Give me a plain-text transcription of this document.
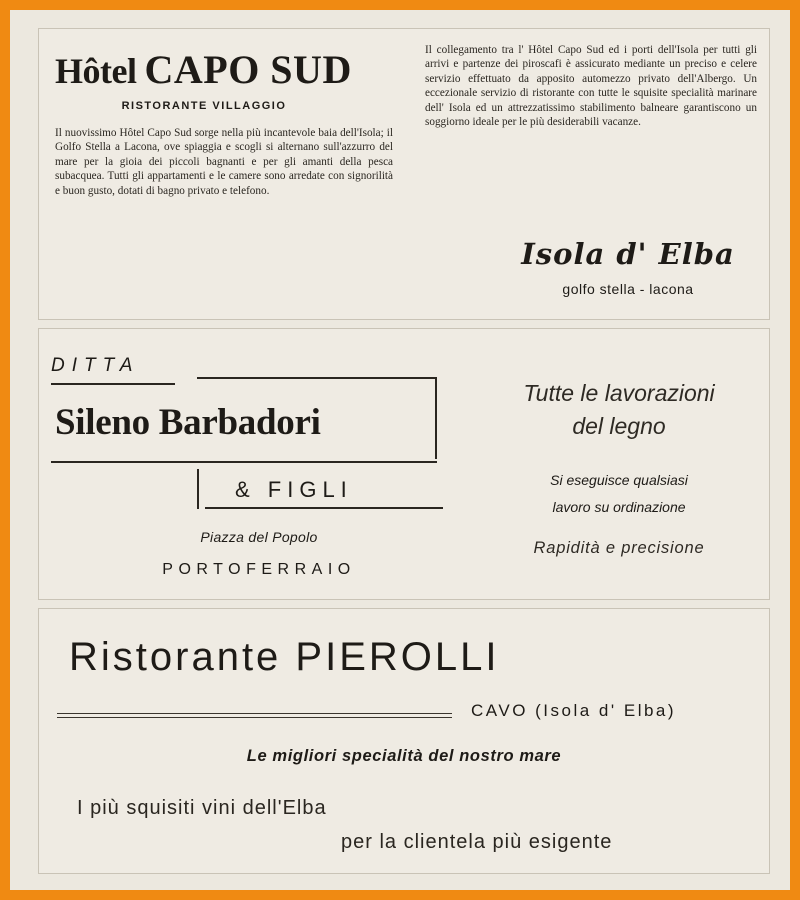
Hôtel CAPO SUD
RISTORANTE VILLAGGIO
Il nuovissimo Hôtel Capo Sud sorge nella più incantevole baia dell'Isola; il Golfo Stella a Lacona, ove spiaggia e scogli si alternano sull'azzurro del mare per la gioia dei piccoli bagnanti e per gli amanti della pesca subacquea. Tutti gli appartamenti e le camere sono arredate con signorilità e buon gusto, dotati di bagno privato e telefono.
Il collegamento tra l' Hôtel Capo Sud ed i porti dell'Isola per tutti gli arrivi e partenze dei piroscafi è assicurato mediante un preciso e celere servizio effettuato da apposito automezzo privato dell'Albergo. Un eccezionale servizio di ristorante con tutte le squisite specialità marinare dell' Isola ed un attrezzatissimo stabilimento balneare garantiscono un soggiorno ideale per le più desiderabili vacanze.
Isola d' Elba
golfo stella - lacona
DITTA
Sileno Barbadori
& FIGLI
Piazza del Popolo
PORTOFERRAIO
Tutte le lavorazioni
del legno
Si eseguisce qualsiasi
lavoro su ordinazione
Rapidità e precisione
Ristorante PIEROLLI
CAVO (Isola d' Elba)
Le migliori specialità del nostro mare
I più squisiti vini dell'Elba
per la clientela più esigente
